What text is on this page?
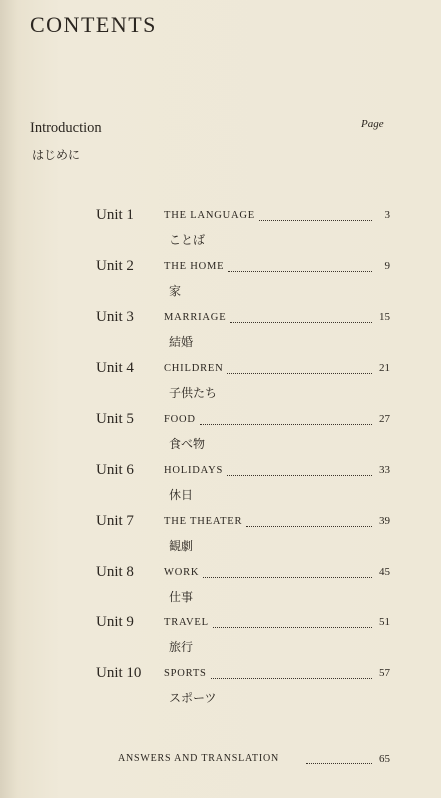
CONTENTS
Page
Introduction
はじめに
Unit 1	THE LANGUAGE	3
ことば
Unit 2	THE HOME	9
家
Unit 3	MARRIAGE	15
結婚
Unit 4	CHILDREN	21
子供たち
Unit 5	FOOD	27
食べ物
Unit 6	HOLIDAYS	33
休日
Unit 7	THE THEATER	39
観劇
Unit 8	WORK	45
仕事
Unit 9	TRAVEL	51
旅行
Unit 10	SPORTS	57
スポーツ
ANSWERS AND TRANSLATION	65
